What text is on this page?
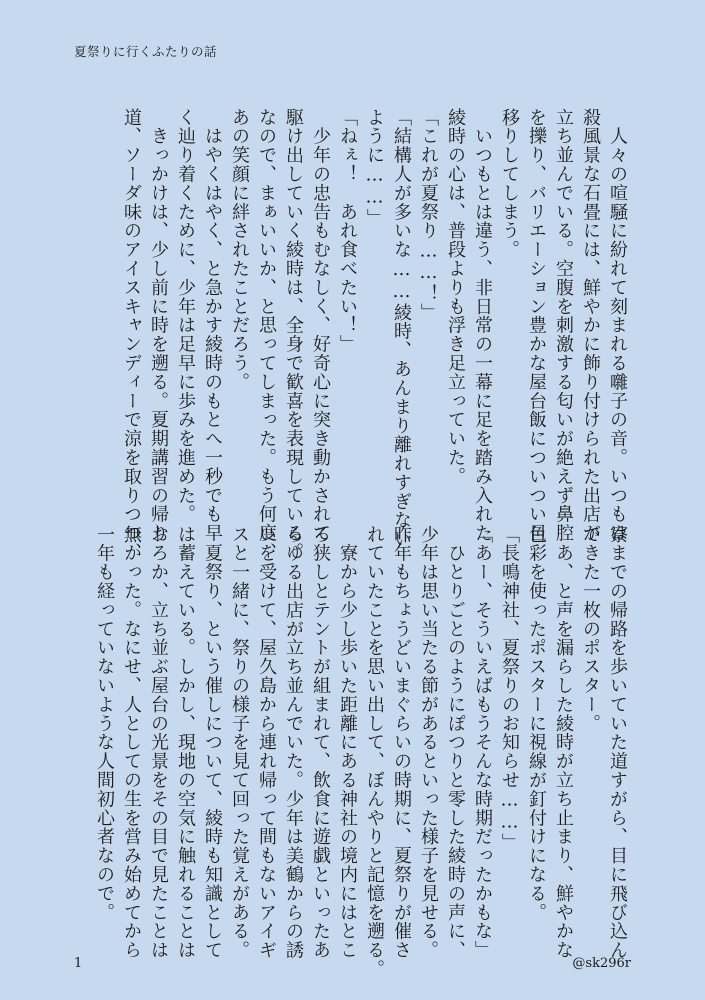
夏祭りに行くふたりの話

　人々の喧騒に紛れて刻まれる囃子の音。いつもは

殺風景な石畳には、鮮やかに飾り付けられた出店が

立ち並んでいる。空腹を刺激する匂いが絶えず鼻腔

を擽り、バリエーション豊かな屋台飯についつい目

移りしてしまう。

　いつもとは違う、非日常の一幕に足を踏み入れた

綾時の心は、普段よりも浮き足立っていた。

「これが夏祭り……！」

「結構人が多いな……綾時、あんまり離れすぎない

ように……」

「ねぇ！　あれ食べたい！」

　少年の忠告もむなしく、好奇心に突き動かされて

駆け出していく綾時は、全身で歓喜を表現している。

なので、まぁいいか、と思ってしまった。もう何度、

あの笑顔に絆されたことだろう。

　はやくはやく、と急かす綾時のもとへ一秒でも早

く辿り着くために、少年は足早に歩みを進めた。

　きっかけは、少し前に時を遡る。夏期講習の帰り

道、ソーダ味のアイスキャンディーで涼を取りつつ、

寮までの帰路を歩いていた道すがら、目に飛び込ん

できた一枚のポスター。

　あ、と声を漏らした綾時が立ち止まり、鮮やかな

色彩を使ったポスターに視線が釘付けになる。

「長鳴神社、夏祭りのお知らせ……」

「あー、そういえばもうそんな時期だったかもな」

　ひとりごとのようにぽつりと零した綾時の声に、

少年は思い当たる節があるといった様子を見せる。

昨年もちょうどいまぐらいの時期に、夏祭りが催さ

れていたことを思い出して、ぼんやりと記憶を遡る。

　寮から少し歩いた距離にある神社の境内にはとこ

ろ狭しとテントが組まれて、飲食に遊戯といったあ

らゆる出店が立ち並んでいた。少年は美鶴からの誘

いを受けて、屋久島から連れ帰って間もないアイギ

スと一緒に、祭りの様子を見て回った覚えがある。

　夏祭り、という催しについて、綾時も知識として

は蓄えている。しかし、現地の空気に触れることは

おろか、立ち並ぶ屋台の光景をその目で見たことは

無かった。なにせ、人としての生を営み始めてから

一年も経っていないような人間初心者なので。

1	@sk296r
